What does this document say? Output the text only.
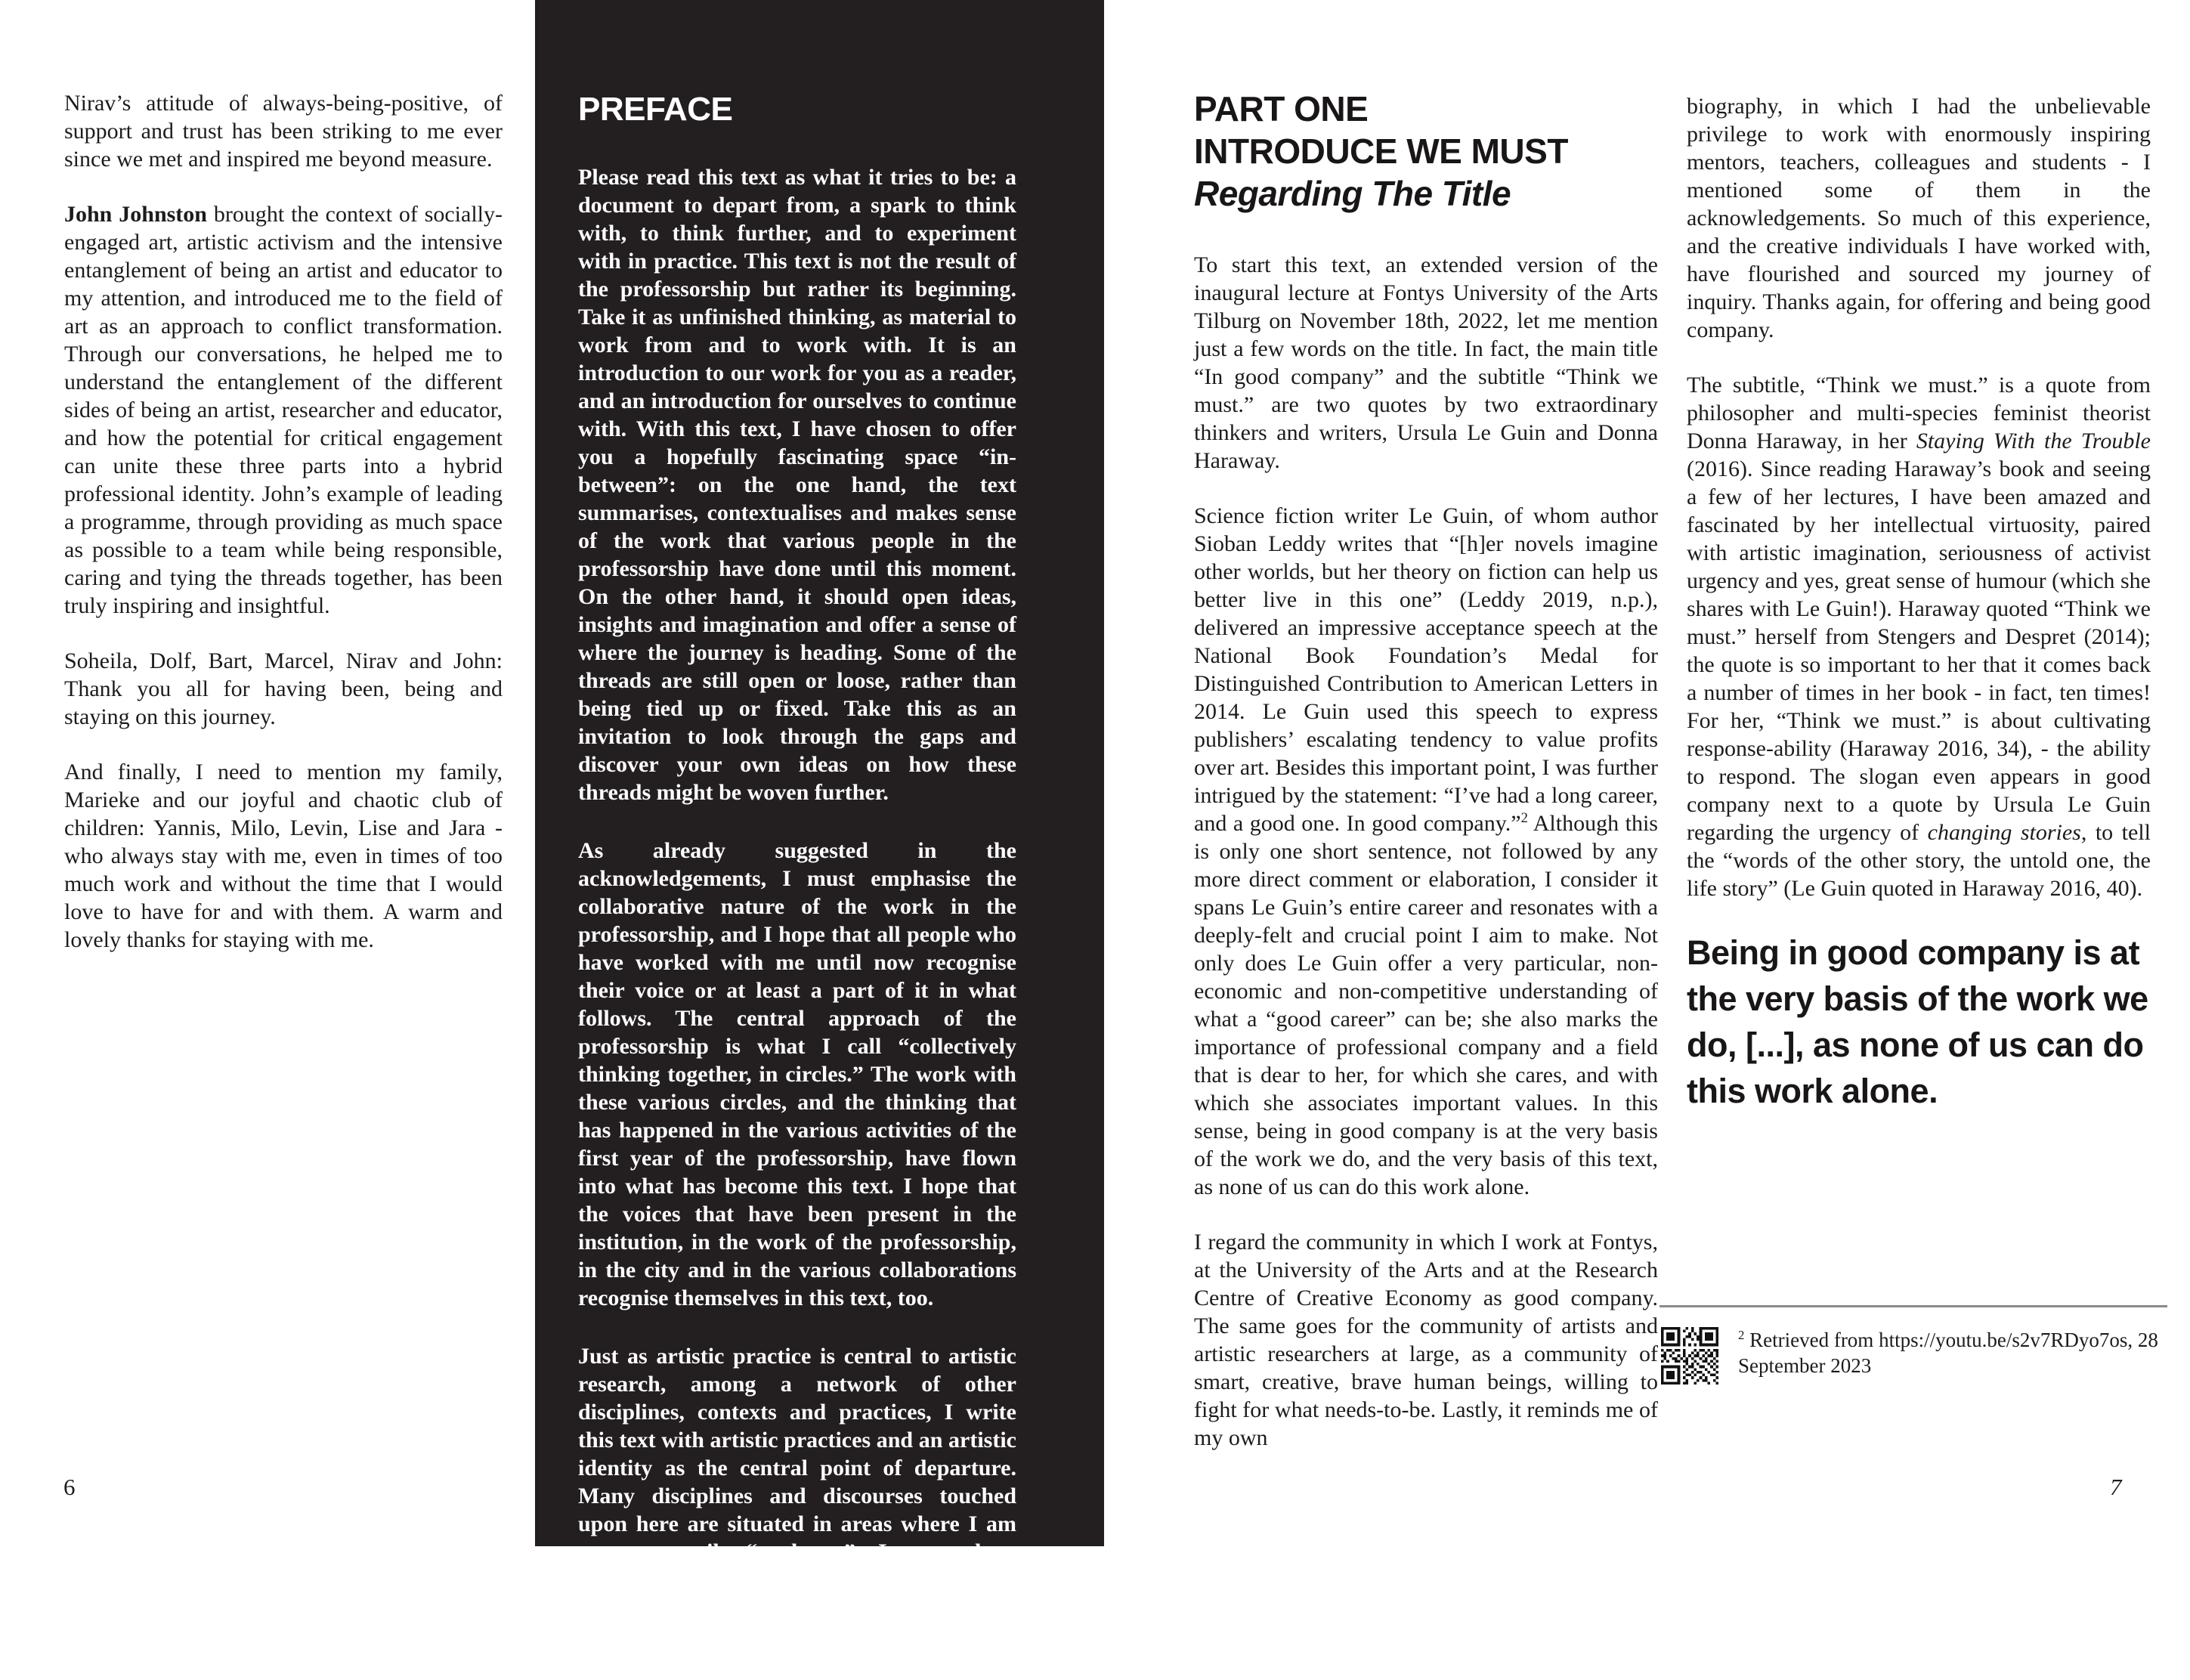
Nirav’s attitude of always-being-positive, of support and trust has been striking to me ever since we met and inspired me beyond measure.

John Johnston brought the context of socially-engaged art, artistic activism and the intensive entanglement of being an artist and educator to my attention, and introduced me to the field of art as an approach to conflict transformation. Through our conversations, he helped me to understand the entanglement of the different sides of being an artist, researcher and educator, and how the potential for critical engagement can unite these three parts into a hybrid professional identity. John’s example of leading a programme, through providing as much space as possible to a team while being responsible, caring and tying the threads together, has been truly inspiring and insightful.

Soheila, Dolf, Bart, Marcel, Nirav and John: Thank you all for having been, being and staying on this journey.

And finally, I need to mention my family, Marieke and our joyful and chaotic club of children: Yannis, Milo, Levin, Lise and Jara - who always stay with me, even in times of too much work and without the time that I would love to have for and with them. A warm and lovely thanks for staying with me.

PREFACE

Please read this text as what it tries to be: a document to depart from, a spark to think with, to think further, and to experiment with in practice. This text is not the result of the professorship but rather its beginning. Take it as unfinished thinking, as material to work from and to work with. It is an introduction to our work for you as a reader, and an introduction for ourselves to continue with. With this text, I have chosen to offer you a hopefully fascinating space “in-between”: on the one hand, the text summarises, contextualises and makes sense of the work that various people in the professorship have done until this moment. On the other hand, it should open ideas, insights and imagination and offer a sense of where the journey is heading. Some of the threads are still open or loose, rather than being tied up or fixed. Take this as an invitation to look through the gaps and discover your own ideas on how these threads might be woven further.

As already suggested in the acknowledgements, I must emphasise the collaborative nature of the work in the professorship, and I hope that all people who have worked with me until now recognise their voice or at least a part of it in what follows. The central approach of the professorship is what I call “collectively thinking together, in circles.” The work with these various circles, and the thinking that has happened in the various activities of the first year of the professorship, have flown into what has become this text. I hope that the voices that have been present in the institution, in the work of the professorship, in the city and in the various collaborations recognise themselves in this text, too.

Just as artistic practice is central to artistic research, among a network of other disciplines, contexts and practices, I write this text with artistic practices and an artistic identity as the central point of departure. Many disciplines and discourses touched upon here are situated in areas where I am not necessarily “at home”; I enter them rather as a guest, a visitor, exploring resonances and exchanging with them through the perspective of the arts.

PART ONE
INTRODUCE WE MUST
Regarding The Title

To start this text, an extended version of the inaugural lecture at Fontys University of the Arts Tilburg on November 18th, 2022, let me mention just a few words on the title. In fact, the main title “In good company” and the subtitle “Think we must.” are two quotes by two extraordinary thinkers and writers, Ursula Le Guin and Donna Haraway.

Science fiction writer Le Guin, of whom author Sioban Leddy writes that “[h]er novels imagine other worlds, but her theory on fiction can help us better live in this one” (Leddy 2019, n.p.), delivered an impressive acceptance speech at the National Book Foundation’s Medal for Distinguished Contribution to American Letters in 2014. Le Guin used this speech to express publishers’ escalating tendency to value profits over art. Besides this important point, I was further intrigued by the statement: “I’ve had a long career, and a good one. In good company.”$^2$ Although this is only one short sentence, not followed by any more direct comment or elaboration, I consider it spans Le Guin’s entire career and resonates with a deeply-felt and crucial point I aim to make. Not only does Le Guin offer a very particular, non-economic and non-competitive understanding of what a “good career” can be; she also marks the importance of professional company and a field that is dear to her, for which she cares, and with which she associates important values. In this sense, being in good company is at the very basis of the work we do, and the very basis of this text, as none of us can do this work alone.

I regard the community in which I work at Fontys, at the University of the Arts and at the Research Centre of Creative Economy as good company. The same goes for the community of artists and artistic researchers at large, as a community of smart, creative, brave human beings, willing to fight for what needs-to-be. Lastly, it reminds me of my own

biography, in which I had the unbelievable privilege to work with enormously inspiring mentors, teachers, colleagues and students - I mentioned some of them in the acknowledgements. So much of this experience, and the creative individuals I have worked with, have flourished and sourced my journey of inquiry. Thanks again, for offering and being good company.

The subtitle, “Think we must.” is a quote from philosopher and multi-species feminist theorist Donna Haraway, in her Staying With the Trouble (2016). Since reading Haraway’s book and seeing a few of her lectures, I have been amazed and fascinated by her intellectual virtuosity, paired with artistic imagination, seriousness of activist urgency and yes, great sense of humour (which she shares with Le Guin!). Haraway quoted “Think we must.” herself from Stengers and Despret (2014); the quote is so important to her that it comes back a number of times in her book - in fact, ten times! For her, “Think we must.” is about cultivating response-ability (Haraway 2016, 34), - the ability to respond. The slogan even appears in good company next to a quote by Ursula Le Guin regarding the urgency of changing stories, to tell the “words of the other story, the untold one, the life story” (Le Guin quoted in Haraway 2016, 40).

Being in good company is at the very basis of the work we do, [...], as none of us can do this work alone.

$^2$ Retrieved from https://youtu.be/s2v7RDyo7os, 28 September 2023

6	7
